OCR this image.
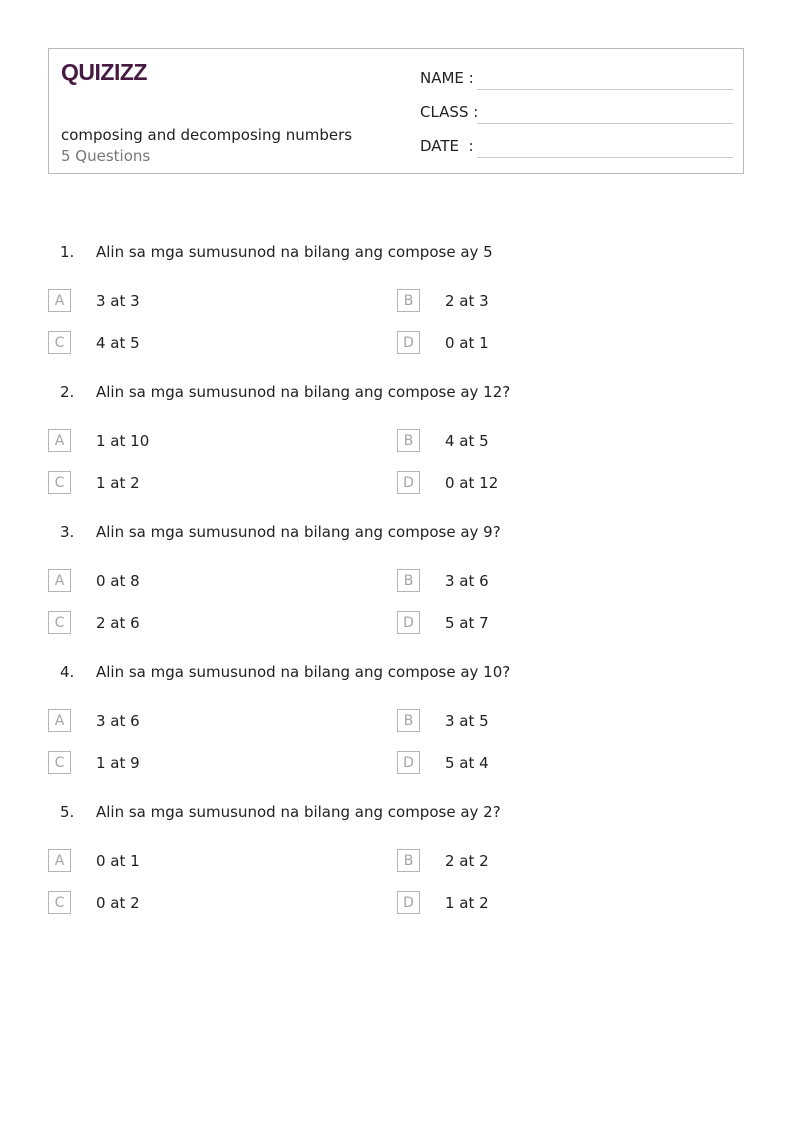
QUIZIZZ
composing and decomposing numbers
5 Questions
NAME :
CLASS :
DATE  :
1. Alin sa mga sumusunod na bilang ang compose ay 5
A	3 at 3	B	2 at 3
C	4 at 5	D	0 at 1
2. Alin sa mga sumusunod na bilang ang compose ay 12?
A	1 at 10	B	4 at 5
C	1 at 2	D	0 at 12
3. Alin sa mga sumusunod na bilang ang compose ay 9?
A	0 at 8	B	3 at 6
C	2 at 6	D	5 at 7
4. Alin sa mga sumusunod na bilang ang compose ay 10?
A	3 at 6	B	3 at 5
C	1 at 9	D	5 at 4
5. Alin sa mga sumusunod na bilang ang compose ay 2?
A	0 at 1	B	2 at 2
C	0 at 2	D	1 at 2
